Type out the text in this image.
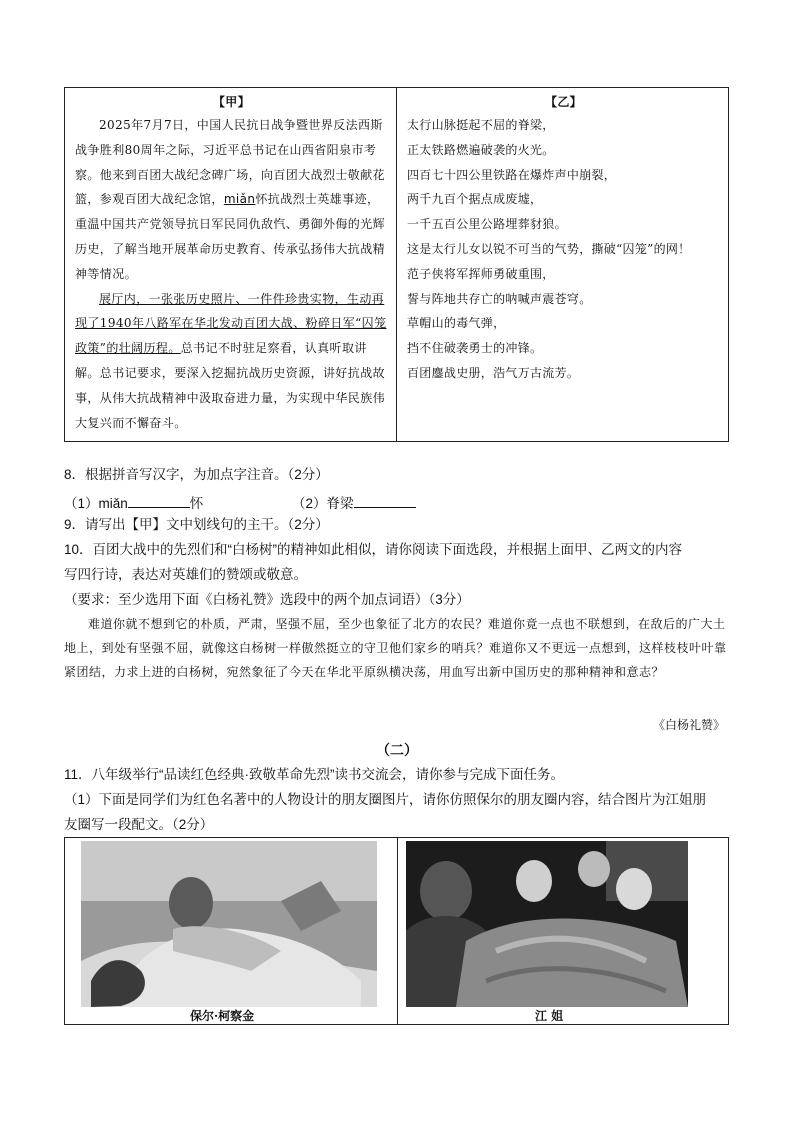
【甲】

2025年7月7日，中国人民抗日战争暨世界反法西斯战争胜利80周年之际，习近平总书记在山西省阳泉市考察。他来到百团大战纪念碑广场，向百团大战烈士敬献花篮，参观百团大战纪念馆，miǎn怀抗战烈士英雄事迹，重温中国共产党领导抗日军民同仇敌忾、勇御外侮的光辉历史，了解当地开展革命历史教育、传承弘扬伟大抗战精神等情况。

展厅内，一张张历史照片、一件件珍贵实物，生动再现了1940年八路军在华北发动百团大战、粉碎日军“囚笼政策”的壮阔历程。总书记不时驻足察看，认真听取讲解。总书记要求，要深入挖掘抗战历史资源，讲好抗战故事，从伟大抗战精神中汲取奋进力量，为实现中华民族伟大复兴而不懈奋斗。

【乙】

太行山脉挺起不屈的脊梁，

正太铁路燃遍破袭的火光。

四百七十四公里铁路在爆炸声中崩裂，

两千九百个据点成废墟，

一千五百公里公路埋葬豺狼。

这是太行儿女以锐不可当的气势，撕破“囚笼”的网！

范子侠将军挥师勇破重围，

誓与阵地共存亡的呐喊声震苍穹。

草帽山的毒气弹，

挡不住破袭勇士的冲锋。

百团鏖战史册，浩气万古流芳。

8．根据拼音写汉字，为加点字注音。（2分）
（1）miǎn	怀	（2）脊梁
9．请写出【甲】文中划线句的主干。（2分）
10．百团大战中的先烈们和“白杨树”的精神如此相似，请你阅读下面选段，并根据上面甲、乙两文的内容
写四行诗，表达对英雄们的赞颂或敬意。
（要求：至少选用下面《白杨礼赞》选段中的两个加点词语）（3分）
难道你就不想到它的朴质，严肃，坚强不屈，至少也象征了北方的农民？难道你竟一点也不联想到，在敌后的广大土地上，到处有坚强不屈，就像这白杨树一样傲然挺立的守卫他们家乡的哨兵？难道你又不更远一点想到，这样枝枝叶叶靠紧团结，力求上进的白杨树，宛然象征了今天在华北平原纵横决荡，用血写出新中国历史的那种精神和意志？
《白杨礼赞》
（二）
11．八年级举行“品读红色经典·致敬革命先烈”读书交流会，请你参与完成下面任务。
（1）下面是同学们为红色名著中的人物设计的朋友圈图片，请你仿照保尔的朋友圈内容，结合图片为江姐朋
友圈写一段配文。（2分）
保尔·柯察金	江 姐
